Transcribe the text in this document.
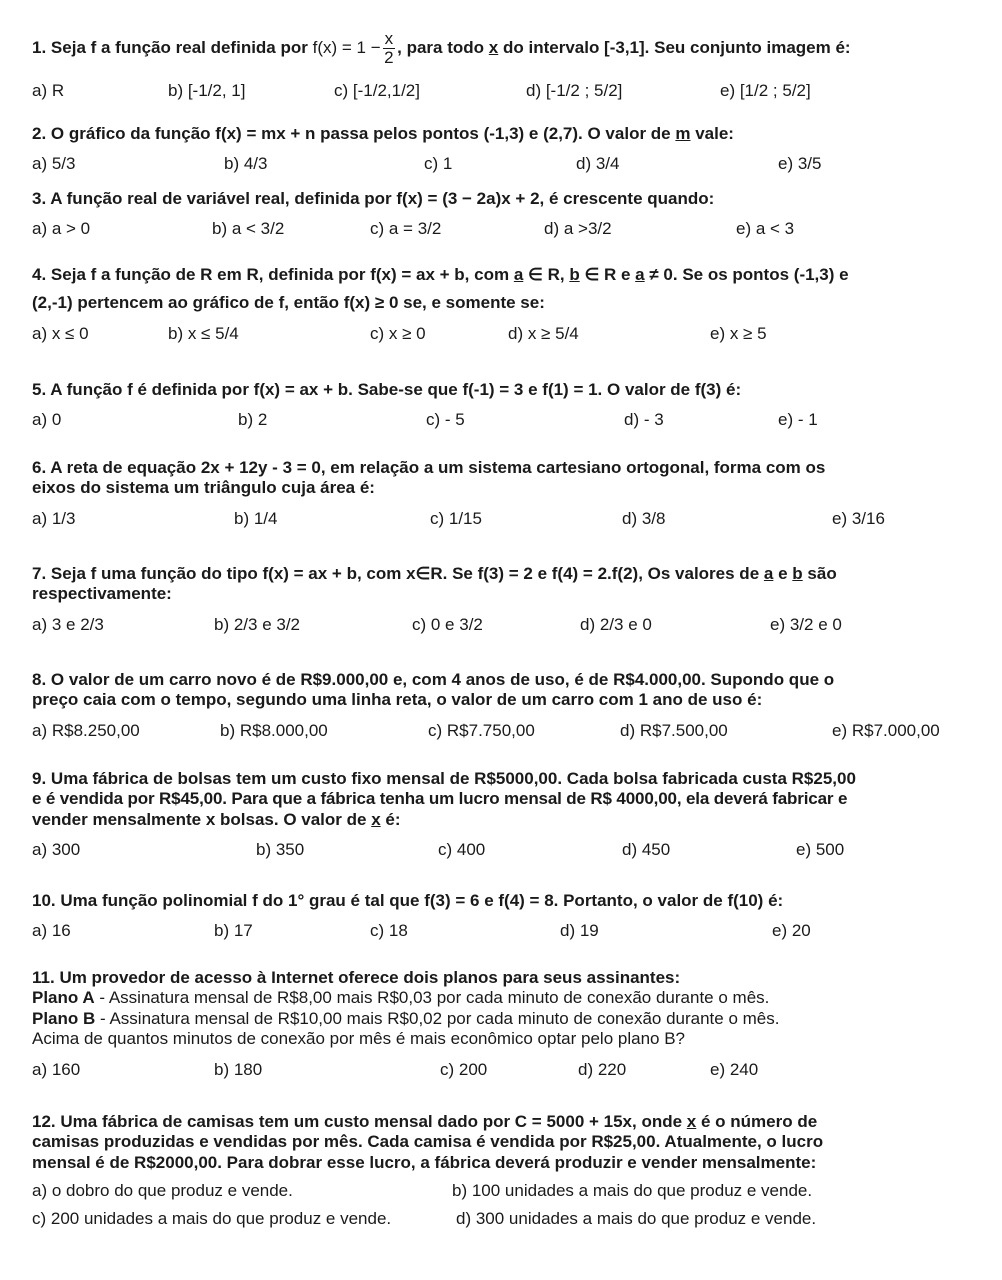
1.
Seja f a função real definida por
$f(x) = 1 - \frac{x}{2}$ , para todo
x
do intervalo [-3,1]. Seu conjunto imagem é:
a) R	b) [-1/2, 1]	c) [-1/2,1/2]	d) [-1/2 ; 5/2]	e) [1/2 ; 5/2]
2. O gráfico da função f(x) = mx + n passa pelos pontos (-1,3) e (2,7). O valor de m vale:
a) 5/3	b) 4/3	c) 1	d) 3/4	e) 3/5
3. A função real de variável real, definida por f(x) = (3 − 2a)x + 2, é crescente quando:
a) a > 0	b) a < 3/2	c) a = 3/2	d) a >3/2	e) a < 3
4. Seja f a função de R em R, definida por f(x) = ax + b, com a ∈ R, b ∈ R e a ≠ 0. Se os pontos (-1,3) e
(2,-1) pertencem ao gráfico de f, então f(x) ≥ 0 se, e somente se:
a) x ≤ 0	b) x ≤ 5/4	c) x ≥ 0	d) x ≥ 5/4	e) x ≥ 5
5. A função f é definida por f(x) = ax + b. Sabe-se que f(-1) = 3 e f(1) = 1. O valor de f(3) é:
a) 0	b) 2	c) - 5	d) - 3	e) - 1
6. A reta de equação 2x + 12y - 3 = 0, em relação a um sistema cartesiano ortogonal, forma com os
eixos do sistema um triângulo cuja área é:
a) 1/3	b) 1/4	c) 1/15	d) 3/8	e) 3/16
7. Seja f uma função do tipo f(x) = ax + b, com x∈R. Se f(3) = 2 e f(4) = 2.f(2), Os valores de a e b são
respectivamente:
a) 3 e 2/3	b) 2/3 e 3/2	c) 0 e 3/2	d) 2/3 e 0	e) 3/2 e 0
8. O valor de um carro novo é de R$9.000,00 e, com 4 anos de uso, é de R$4.000,00. Supondo que o
preço caia com o tempo, segundo uma linha reta, o valor de um carro com 1 ano de uso é:
a) R$8.250,00	b) R$8.000,00	c) R$7.750,00	d) R$7.500,00	e) R$7.000,00
9. Uma fábrica de bolsas tem um custo fixo mensal de R$5000,00. Cada bolsa fabricada custa R$25,00
e é vendida por R$45,00. Para que a fábrica tenha um lucro mensal de R$ 4000,00, ela deverá fabricar e
vender mensalmente x bolsas. O valor de x é:
a) 300	b) 350	c) 400	d) 450	e) 500
10. Uma função polinomial f do 1° grau é tal que f(3) = 6 e f(4) = 8. Portanto, o valor de f(10) é:
a) 16	b) 17	c) 18	d) 19	e) 20
11. Um provedor de acesso à Internet oferece dois planos para seus assinantes:
Plano A - Assinatura mensal de R$8,00 mais R$0,03 por cada minuto de conexão durante o mês.
Plano B - Assinatura mensal de R$10,00 mais R$0,02 por cada minuto de conexão durante o mês.
Acima de quantos minutos de conexão por mês é mais econômico optar pelo plano B?
a) 160	b) 180	c) 200	d) 220	e) 240
12. Uma fábrica de camisas tem um custo mensal dado por C = 5000 + 15x, onde x é o número de
camisas produzidas e vendidas por mês. Cada camisa é vendida por R$25,00. Atualmente, o lucro
mensal é de R$2000,00. Para dobrar esse lucro, a fábrica deverá produzir e vender mensalmente:
a) o dobro do que produz e vende.	b) 100 unidades a mais do que produz e vende.
c) 200 unidades a mais do que produz e vende.	d) 300 unidades a mais do que produz e vende.
